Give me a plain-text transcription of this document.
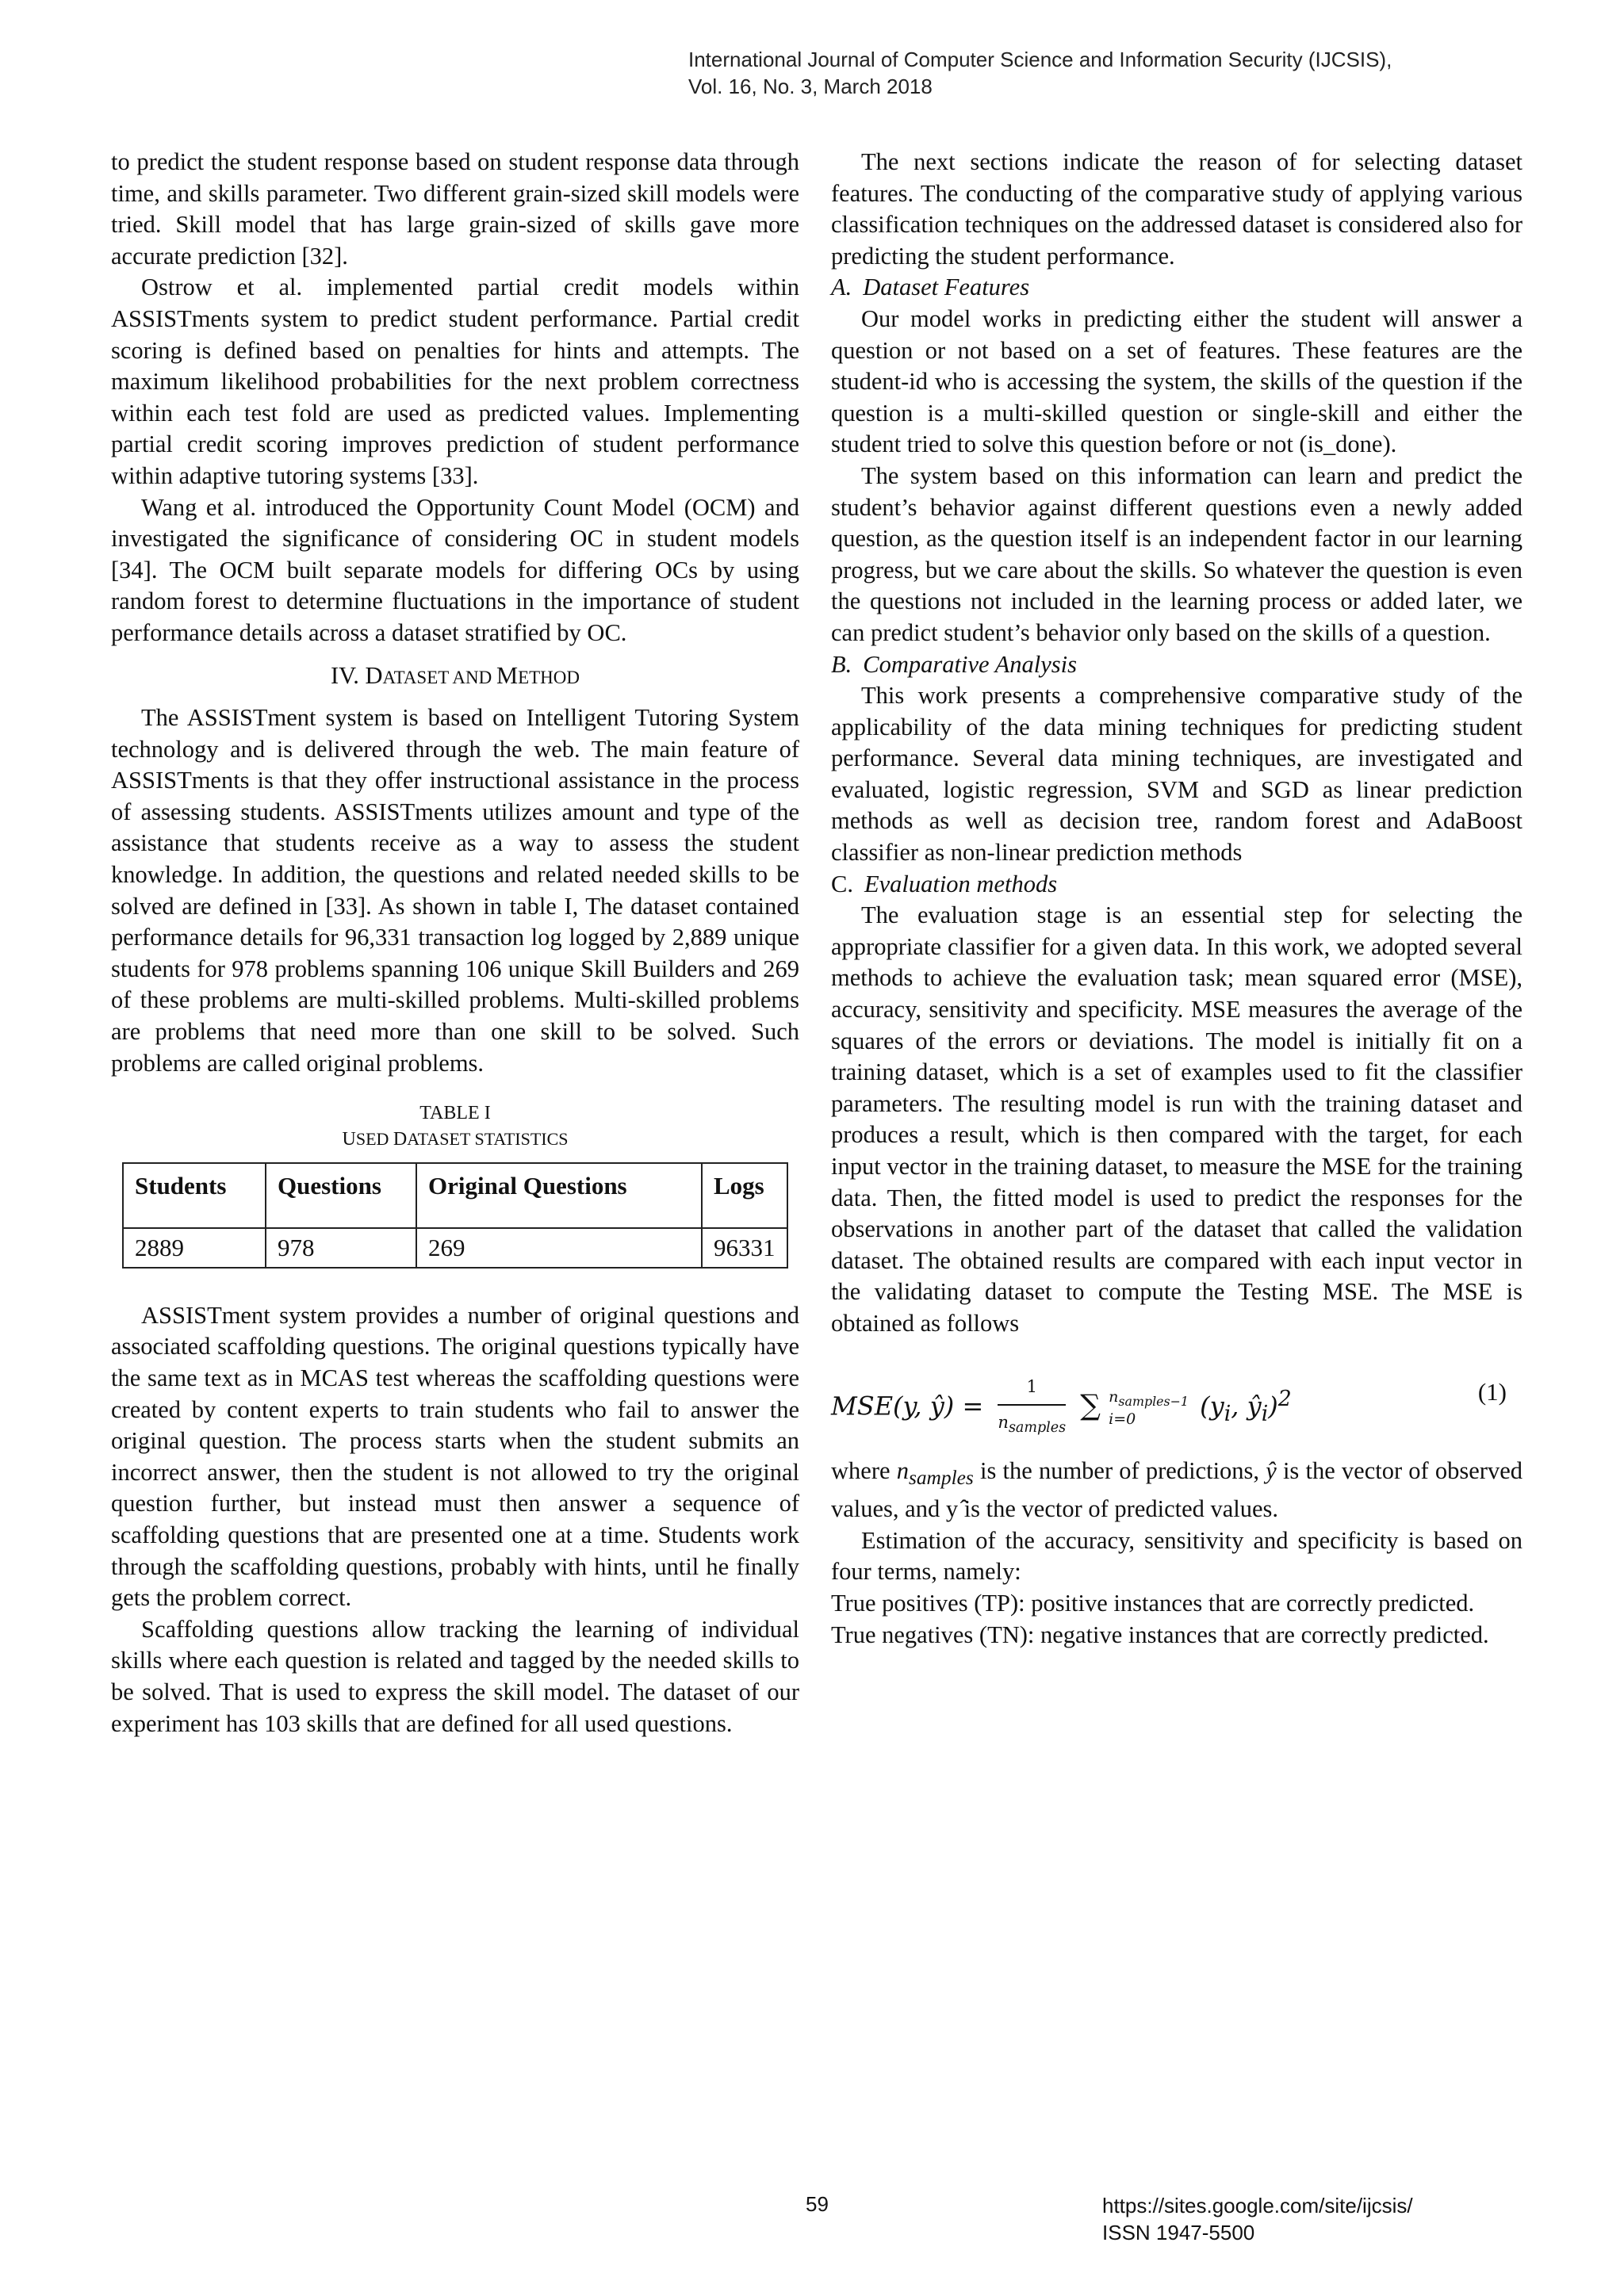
International Journal of Computer Science and Information Security (IJCSIS),
Vol. 16, No. 3, March 2018

to predict the student response based on student response data through time, and skills parameter. Two different grain-sized skill models were tried. Skill model that has large grain-sized of skills gave more accurate prediction [32].

Ostrow et al. implemented partial credit models within ASSISTments system to predict student performance. Partial credit scoring is defined based on penalties for hints and attempts. The maximum likelihood probabilities for the next problem correctness within each test fold are used as predicted values. Implementing partial credit scoring improves prediction of student performance within adaptive tutoring systems [33].

Wang et al. introduced the Opportunity Count Model (OCM) and investigated the significance of considering OC in student models [34]. The OCM built separate models for differing OCs by using random forest to determine fluctuations in the importance of student performance details across a dataset stratified by OC.

IV. DATASET AND METHOD

The ASSISTment system is based on Intelligent Tutoring System technology and is delivered through the web. The main feature of ASSISTments is that they offer instructional assistance in the process of assessing students. ASSISTments utilizes amount and type of the assistance that students receive as a way to assess the student knowledge. In addition, the questions and related needed skills to be solved are defined in [33]. As shown in table I, The dataset contained performance details for 96,331 transaction log logged by 2,889 unique students for 978 problems spanning 106 unique Skill Builders and 269 of these problems are multi-skilled problems. Multi-skilled problems are problems that need more than one skill to be solved. Such problems are called original problems.

TABLE I
USED DATASET STATISTICS
Students	Questions	Original Questions	Logs
2889	978	269	96331

ASSISTment system provides a number of original questions and associated scaffolding questions. The original questions typically have the same text as in MCAS test whereas the scaffolding questions were created by content experts to train students who fail to answer the original question. The process starts when the student submits an incorrect answer, then the student is not allowed to try the original question further, but instead must then answer a sequence of scaffolding questions that are presented one at a time. Students work through the scaffolding questions, probably with hints, until he finally gets the problem correct.

Scaffolding questions allow tracking the learning of individual skills where each question is related and tagged by the needed skills to be solved. That is used to express the skill model. The dataset of our experiment has 103 skills that are defined for all used questions.

The next sections indicate the reason of for selecting dataset features. The conducting of the comparative study of applying various classification techniques on the addressed dataset is considered also for predicting the student performance.

A. Dataset Features

Our model works in predicting either the student will answer a question or not based on a set of features. These features are the student-id who is accessing the system, the skills of the question if the question is a multi-skilled question or single-skill and either the student tried to solve this question before or not (is_done).

The system based on this information can learn and predict the student’s behavior against different questions even a newly added question, as the question itself is an independent factor in our learning progress, but we care about the skills. So whatever the question is even the questions not included in the learning process or added later, we can predict student’s behavior only based on the skills of a question.

B. Comparative Analysis

This work presents a comprehensive comparative study of the applicability of the data mining techniques for predicting student performance. Several data mining techniques, are investigated and evaluated, logistic regression, SVM and SGD as linear prediction methods as well as decision tree, random forest and AdaBoost classifier as non-linear prediction methods

C. Evaluation methods

The evaluation stage is an essential step for selecting the appropriate classifier for a given data. In this work, we adopted several methods to achieve the evaluation task; mean squared error (MSE), accuracy, sensitivity and specificity. MSE measures the average of the squares of the errors or deviations. The model is initially fit on a training dataset, which is a set of examples used to fit the classifier parameters. The resulting model is run with the training dataset and produces a result, which is then compared with the target, for each input vector in the training dataset, to measure the MSE for the training data. Then, the fitted model is used to predict the responses for the observations in another part of the dataset that called the validation dataset. The obtained results are compared with each input vector in the validating dataset to compute the Testing MSE. The MSE is obtained as follows

MSE(y, ŷ) = $\frac{1}{n_{samples}}$ ∑ $n_{samples-1}$
i=0	($y_i$, $ŷ_i)^2$	(1)

where $n_{samples}$ is the number of predictions, ŷ is the vector of observed values, and y ̂is the vector of predicted values.

Estimation of the accuracy, sensitivity and specificity is based on four terms, namely:

True positives (TP): positive instances that are correctly predicted.

True negatives (TN): negative instances that are correctly predicted.

59	https://sites.google.com/site/ijcsis/
ISSN 1947-5500
